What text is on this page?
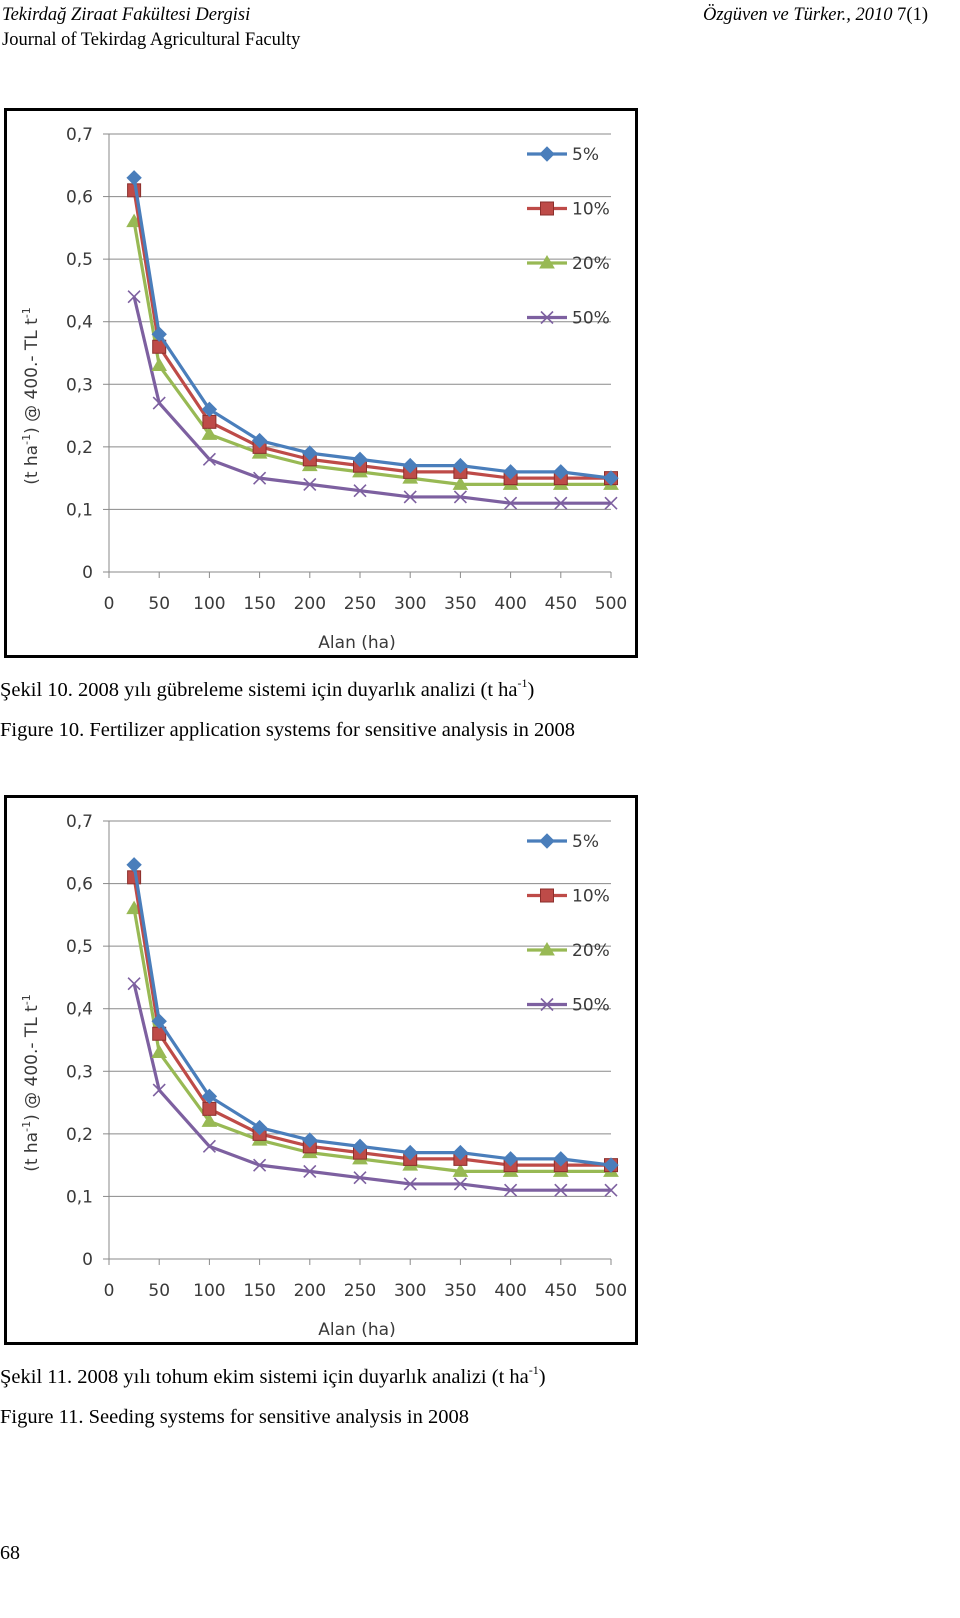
Tekirdağ Ziraat Fakültesi Dergisi
Journal of Tekirdag Agricultural Faculty
Özgüven ve Türker., 2010 7(1)
0
0,1
0,2
0,3
0,4
0,5
0,6
0,7
0 50 100 150 200 250 300 350 400 450 500
Alan (ha)
(t $ha^{-1}$) @ 400.- TL $t^{-1}$
5%
10%
20%
50%
Şekil 10. 2008 yılı gübreleme sistemi için duyarlık analizi (t $ha^{-1}$)
Figure 10. Fertilizer application systems for sensitive analysis in 2008
0
0,1
0,2
0,3
0,4
0,5
0,6
0,7
0 50 100 150 200 250 300 350 400 450 500
Alan (ha)
(t $ha^{-1}$) @ 400.- TL $t^{-1}$
5%
10%
20%
50%
Şekil 11. 2008 yılı tohum ekim sistemi için duyarlık analizi (t $ha^{-1}$)
Figure 11. Seeding systems for sensitive analysis in 2008
68
